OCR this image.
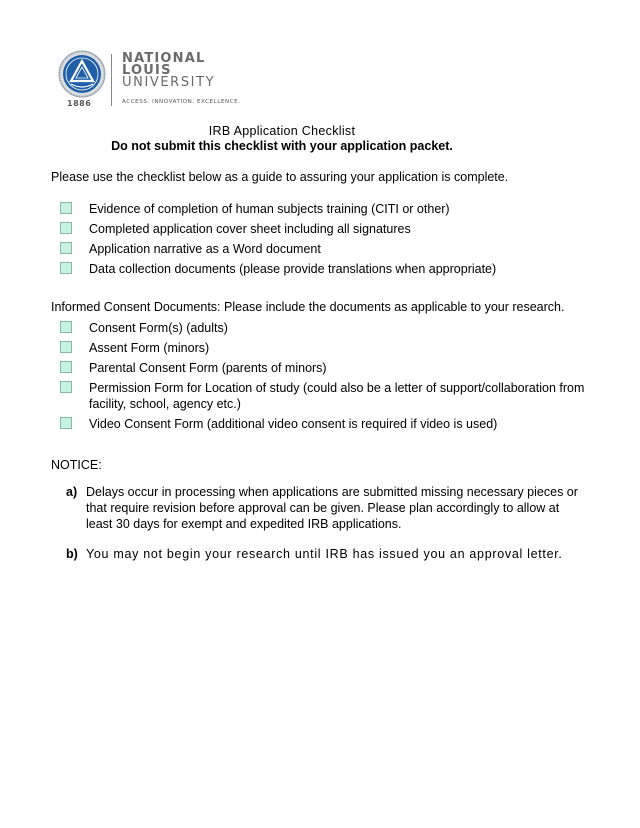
1886
NATIONAL
LOUIS
UNIVERSITY
ACCESS. INNOVATION. EXCELLENCE.
IRB Application Checklist
Do not submit this checklist with your application packet.
Please use the checklist below as a guide to assuring your application is complete.
Evidence of completion of human subjects training (CITI or other)
Completed application cover sheet including all signatures
Application narrative as a Word document
Data collection documents (please provide translations when appropriate)
Informed Consent Documents: Please include the documents as applicable to your research.
Consent Form(s) (adults)
Assent Form (minors)
Parental Consent Form (parents of minors)
Permission Form for Location of study (could also be a letter of support/collaboration from facility, school, agency etc.)
Video Consent Form (additional video consent is required if video is used)
NOTICE:
a) Delays occur in processing when applications are submitted missing necessary pieces or that require revision before approval can be given. Please plan accordingly to allow at least 30 days for exempt and expedited IRB applications.
b) You may not begin your research until IRB has issued you an approval letter.
